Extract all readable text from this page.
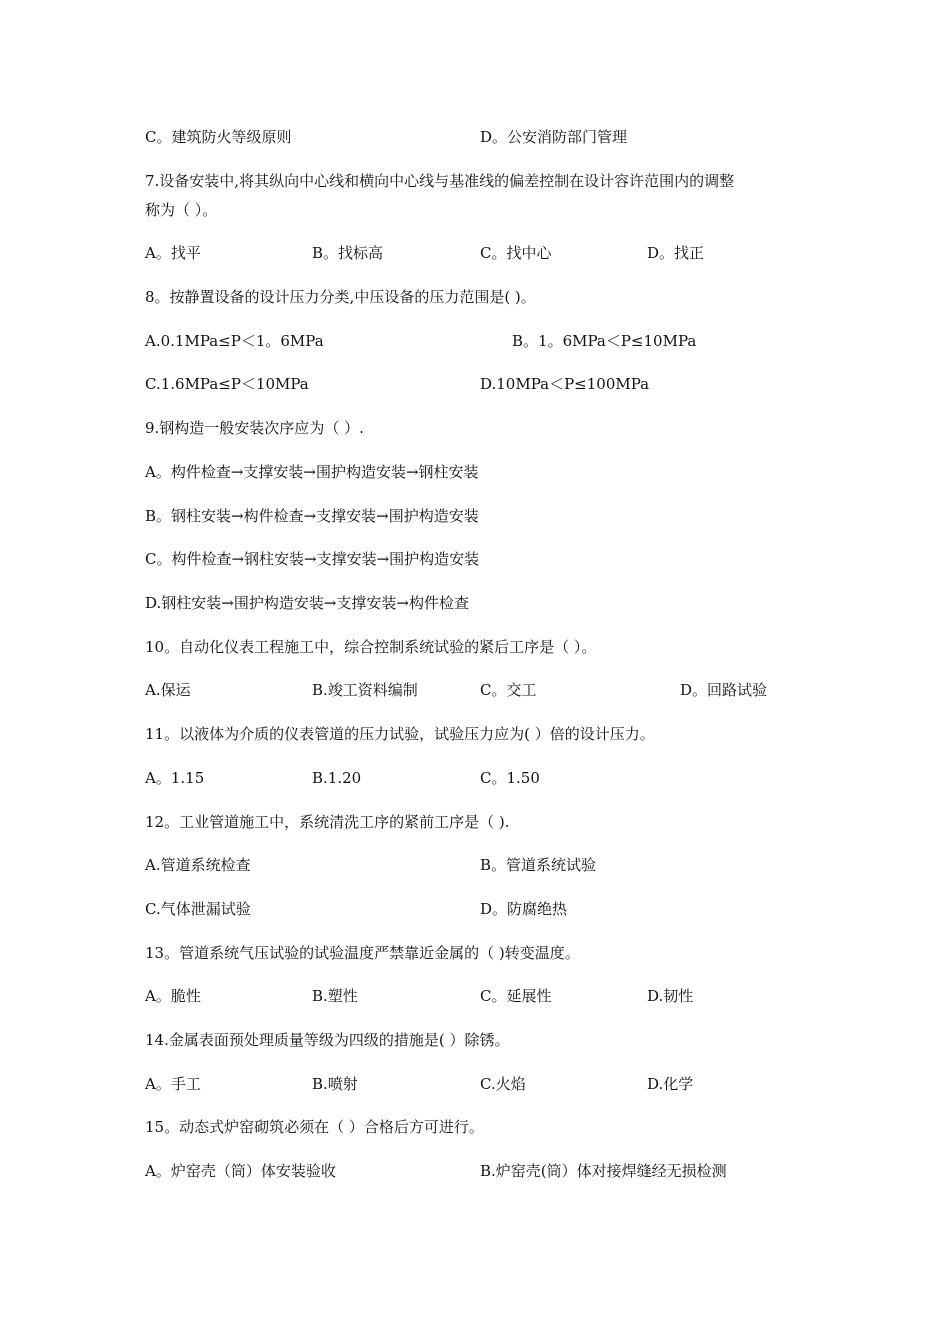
C。建筑防火等级原则	D。公安消防部门管理
7.设备安装中,将其纵向中心线和横向中心线与基准线的偏差控制在设计容许范围内的调整
称为（ ）。
A。找平	B。找标高	C。找中心	D。找正
8。按静置设备的设计压力分类,中压设备的压力范围是( )。
A.0.1MPa≤P＜1。6MPa	B。1。6MPa＜P≤10MPa
C.1.6MPa≤P＜10MPa	D.10MPa＜P≤100MPa
9.钢构造一般安装次序应为（ ）.
A。构件检查→支撑安装→围护构造安装→钢柱安装
B。钢柱安装→构件检查→支撑安装→围护构造安装
C。构件检查→钢柱安装→支撑安装→围护构造安装
D.钢柱安装→围护构造安装→支撑安装→构件检查
10。自动化仪表工程施工中，综合控制系统试验的紧后工序是（ ）。
A.保运	B.竣工资料编制	C。交工	D。回路试验
11。以液体为介质的仪表管道的压力试验，试验压力应为( ）倍的设计压力。
A。1.15	B.1.20	C。1.50
12。工业管道施工中，系统清洗工序的紧前工序是（ ).
A.管道系统检查	B。管道系统试验
C.气体泄漏试验	D。防腐绝热
13。管道系统气压试验的试验温度严禁靠近金属的（ )转变温度。
A。脆性	B.塑性	C。延展性	D.韧性
14.金属表面预处理质量等级为四级的措施是( ）除锈。
A。手工	B.喷射	C.火焰	D.化学
15。动态式炉窑砌筑必须在（ ）合格后方可进行。
A。炉窑壳（筒）体安装验收	B.炉窑壳(筒）体对接焊缝经无损检测
